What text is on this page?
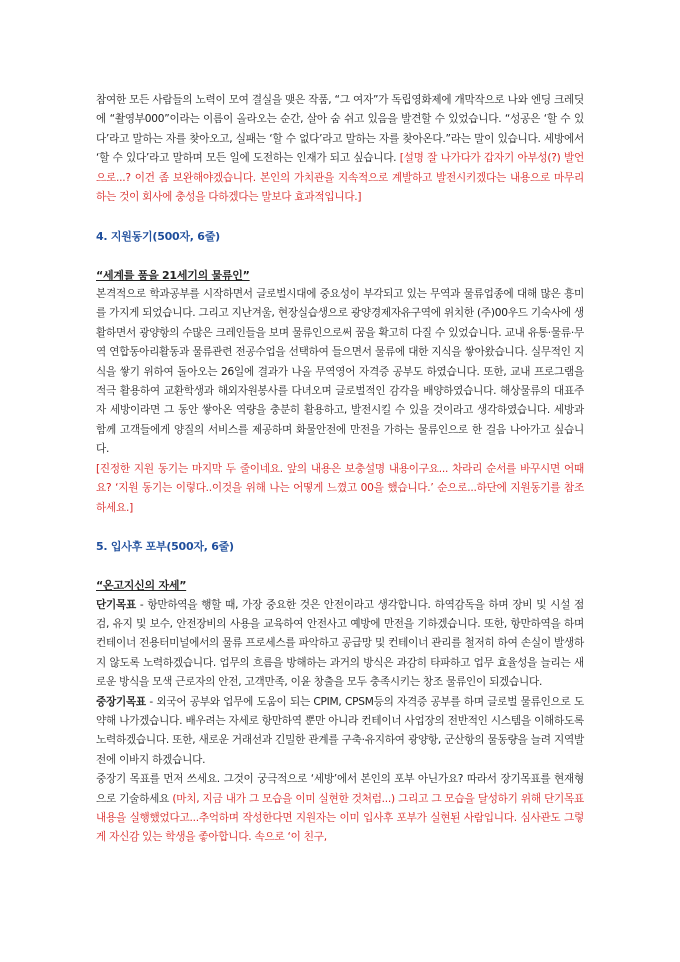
참여한 모든 사람들의 노력이 모여 결실을 맺은 작품, “그 여자”가 독립영화제에 개막작으로 나와 엔딩 크레딧에 “촬영부000”이라는 이름이 올라오는 순간, 살아 숨 쉬고 있음을 발견할 수 있었습니다. “성공은 ‘할 수 있다’라고 말하는 자를 찾아오고, 실패는 ‘할 수 없다’라고 말하는 자를 찾아온다.”라는 말이 있습니다. 세방에서 ‘할 수 있다’라고 말하며 모든 일에 도전하는 인재가 되고 싶습니다. [설명 잘 나가다가 갑자기 아부성(?) 발언으로...? 이건 좀 보완해야겠습니다. 본인의 가치관을 지속적으로 계발하고 발전시키겠다는 내용으로 마무리하는 것이 회사에 충성을 다하겠다는 말보다 효과적입니다.]

4. 지원동기(500자, 6줄)

“세계를 품을 21세기의 물류인”

본격적으로 학과공부를 시작하면서 글로벌시대에 중요성이 부각되고 있는 무역과 물류업종에 대해 많은 흥미를 가지게 되었습니다. 그리고 지난겨울, 현장실습생으로 광양경제자유구역에 위치한 (주)00우드 기숙사에 생활하면서 광양항의 수많은 크레인들을 보며 물류인으로써 꿈을 확고히 다질 수 있었습니다. 교내 유통·물류·무역 연합동아리활동과 물류관련 전공수업을 선택하여 들으면서 물류에 대한 지식을 쌓아왔습니다. 실무적인 지식을 쌓기 위하여 돌아오는 26일에 결과가 나올 무역영어 자격증 공부도 하였습니다. 또한, 교내 프로그램을 적극 활용하여 교환학생과 해외자원봉사를 다녀오며 글로벌적인 감각을 배양하였습니다. 해상물류의 대표주자 세방이라면 그 동안 쌓아온 역량을 충분히 활용하고, 발전시킬 수 있을 것이라고 생각하였습니다. 세방과 함께 고객들에게 양질의 서비스를 제공하며 화물안전에 만전을 가하는 물류인으로 한 걸음 나아가고 싶습니다.

[진정한 지원 동기는 마지막 두 줄이네요. 앞의 내용은 보충설명 내용이구요... 차라리 순서를 바꾸시면 어때요? ‘지원 동기는 이렇다..이것을 위해 나는 어떻게 느꼈고 00을 했습니다.’ 순으로...하단에 지원동기를 참조하세요.]

5. 입사후 포부(500자, 6줄)

“온고지신의 자세”

단기목표 - 항만하역을 행할 때, 가장 중요한 것은 안전이라고 생각합니다. 하역감독을 하며 장비 및 시설 점검, 유지 및 보수, 안전장비의 사용을 교육하여 안전사고 예방에 만전을 기하겠습니다. 또한, 항만하역을 하며 컨테이너 전용터미널에서의 물류 프로세스를 파악하고 공급망 및 컨테이너 관리를 철저히 하여 손실이 발생하지 않도록 노력하겠습니다. 업무의 흐름을 방해하는 과거의 방식은 과감히 타파하고 업무 효율성을 늘리는 새로운 방식을 모색 근로자의 안전, 고객만족, 이윤 창출을 모두 충족시키는 창조 물류인이 되겠습니다.

중장기목표 - 외국어 공부와 업무에 도움이 되는 CPIM, CPSM등의 자격증 공부를 하며 글로벌 물류인으로 도약해 나가겠습니다. 배우려는 자세로 항만하역 뿐만 아니라 컨테이너 사업장의 전반적인 시스템을 이해하도록 노력하겠습니다. 또한, 새로운 거래선과 긴밀한 관계를 구축·유지하여 광양항, 군산항의 물동량을 늘려 지역발전에 이바지 하겠습니다.

중장기 목표를 먼저 쓰세요. 그것이 궁극적으로 ‘세방’에서 본인의 포부 아닌가요? 따라서 장기목표를 현재형으로 기술하세요 (마치, 지금 내가 그 모습을 이미 실현한 것처럼...) 그리고 그 모습을 달성하기 위해 단기목표 내용을 실행했었다고...추억하며 작성한다면 지원자는 이미 입사후 포부가 실현된 사람입니다. 심사관도 그렇게 자신감 있는 학생을 좋아합니다. 속으로 ‘이 친구,
